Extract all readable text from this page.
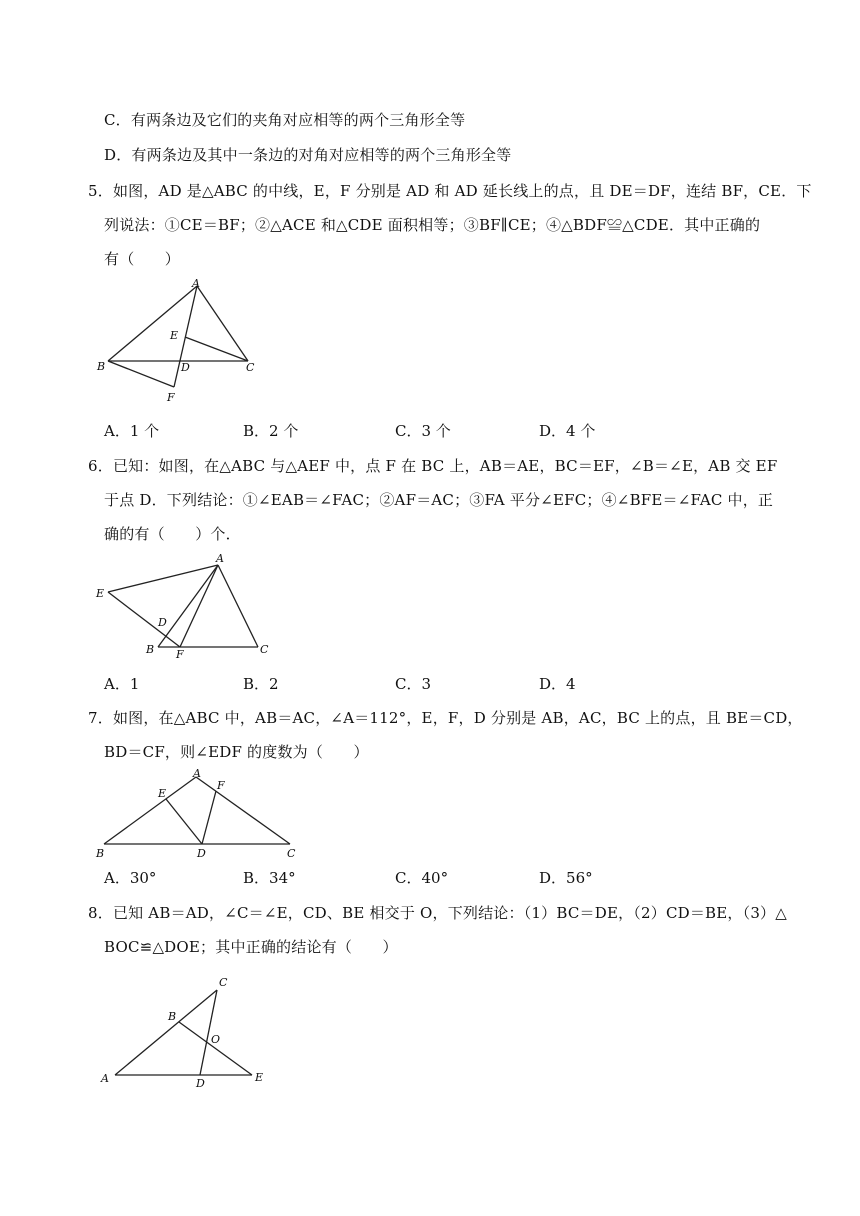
C．有两条边及它们的夹角对应相等的两个三角形全等
D．有两条边及其中一条边的对角对应相等的两个三角形全等
5．如图，AD 是△ABC 的中线，E，F 分别是 AD 和 AD 延长线上的点，且 DE＝DF，连结 BF，CE．下
列说法：①CE＝BF；②△ACE 和△CDE 面积相等；③BF∥CE；④△BDF≌△CDE．其中正确的
有（　　）
A
B	C
D
E
F
A．1 个	B．2 个	C．3 个	D．4 个
6．已知：如图，在△ABC 与△AEF 中，点 F 在 BC 上，AB＝AE，BC＝EF，∠B＝∠E，AB 交 EF
于点 D．下列结论：①∠EAB＝∠FAC；②AF＝AC；③FA 平分∠EFC；④∠BFE＝∠FAC 中，正
确的有（　　）个．
A
B	C
D
E
F
A．1	B．2	C．3	D．4
7．如图，在△ABC 中，AB＝AC，∠A＝112°，E，F，D 分别是 AB，AC，BC 上的点，且 BE＝CD，
BD＝CF，则∠EDF 的度数为（　　）
A
B	C
D
E
F
A．30°	B．34°	C．40°	D．56°
8．已知 AB＝AD，∠C＝∠E，CD、BE 相交于 O，下列结论：（1）BC＝DE，（2）CD＝BE，（3）△
BOC≌△DOE；其中正确的结论有（　　）
C
B
O
A	D	E
